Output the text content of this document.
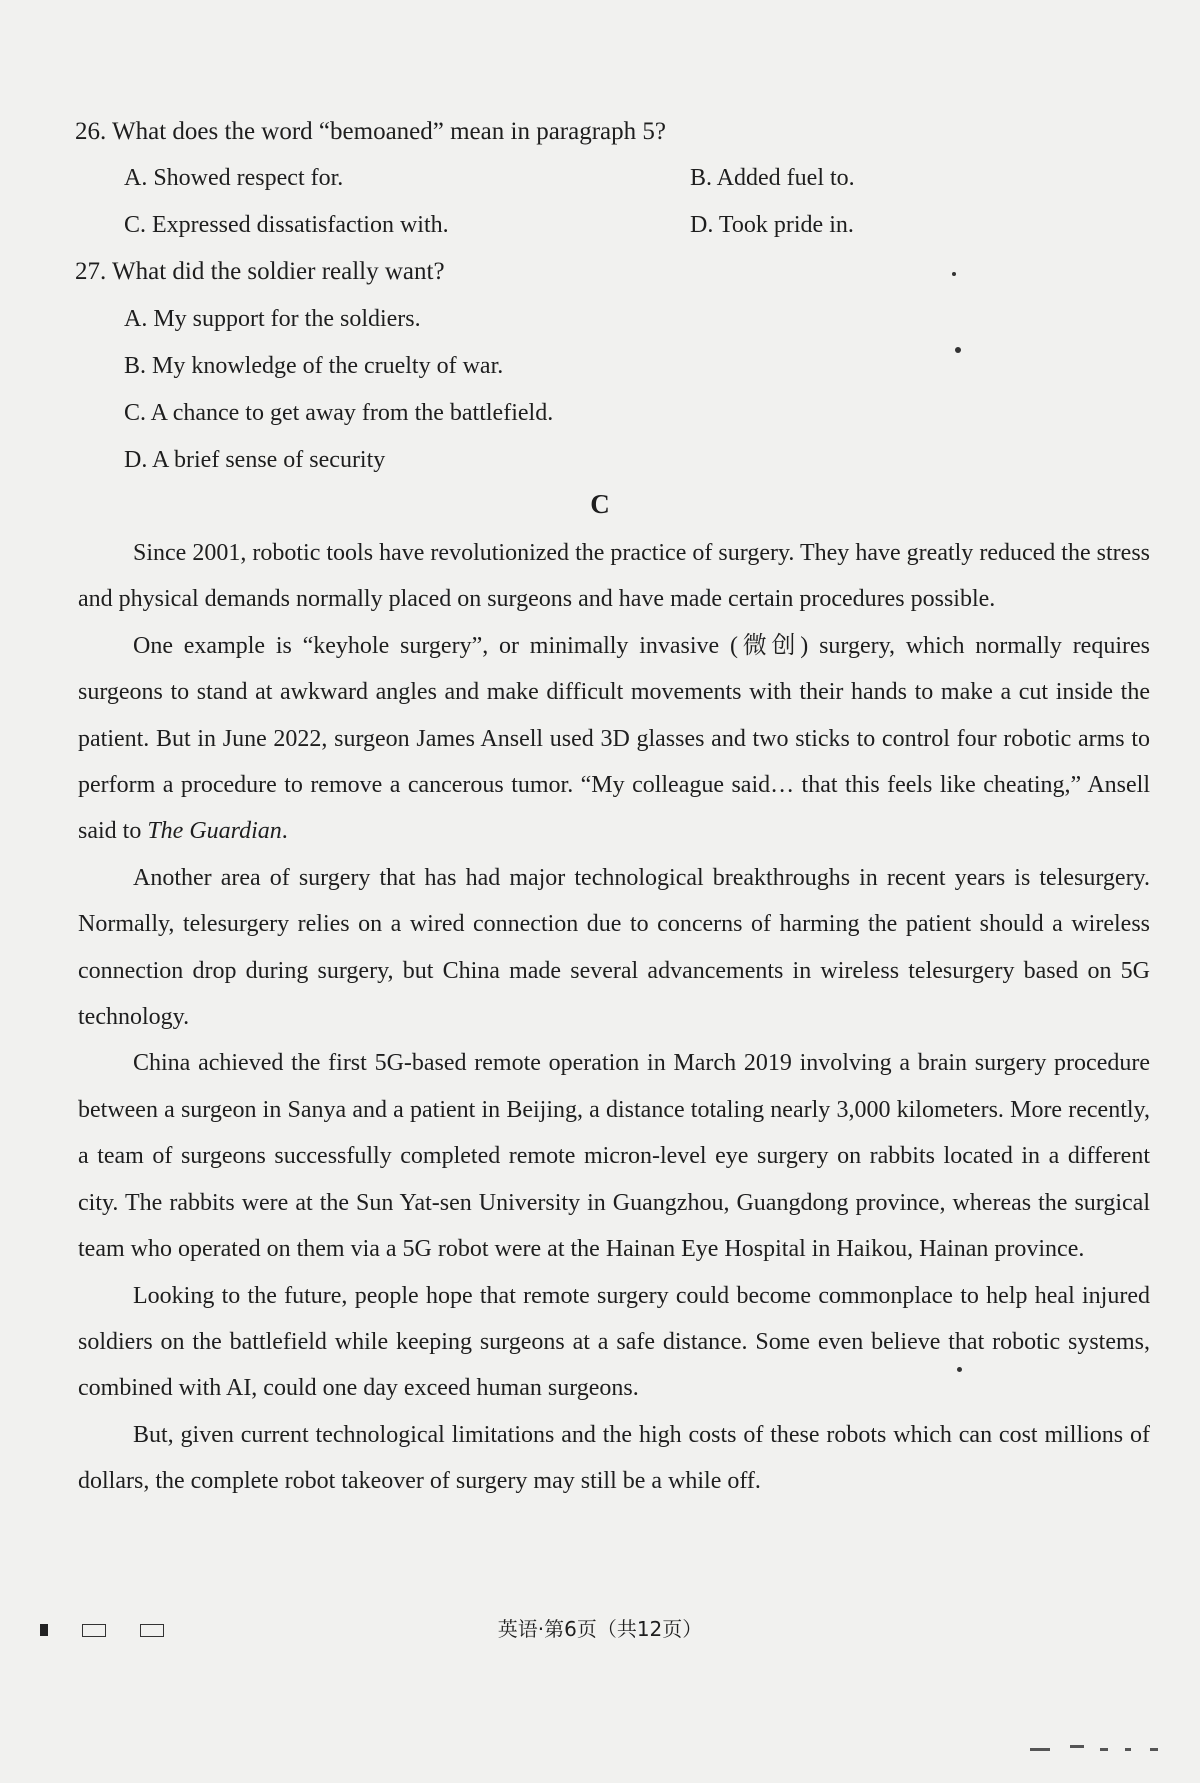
26. What does the word “bemoaned” mean in paragraph 5?
A. Showed respect for.	B. Added fuel to.
C. Expressed dissatisfaction with.	D. Took pride in.
27. What did the soldier really want?
A. My support for the soldiers.
B. My knowledge of the cruelty of war.
C. A chance to get away from the battlefield.
D. A brief sense of security
C

Since 2001, robotic tools have revolutionized the practice of surgery. They have greatly reduced the stress and physical demands normally placed on surgeons and have made certain procedures possible.

One example is “keyhole surgery”, or minimally invasive (微创) surgery, which normally requires surgeons to stand at awkward angles and make difficult movements with their hands to make a cut inside the patient. But in June 2022, surgeon James Ansell used 3D glasses and two sticks to control four robotic arms to perform a procedure to remove a cancerous tumor. “My colleague said… that this feels like cheating,” Ansell said to The Guardian.

Another area of surgery that has had major technological breakthroughs in recent years is telesurgery. Normally, telesurgery relies on a wired connection due to concerns of harming the patient should a wireless connection drop during surgery, but China made several advancements in wireless telesurgery based on 5G technology.

China achieved the first 5G-based remote operation in March 2019 involving a brain surgery procedure between a surgeon in Sanya and a patient in Beijing, a distance totaling nearly 3,000 kilometers. More recently, a team of surgeons successfully completed remote micron-level eye surgery on rabbits located in a different city. The rabbits were at the Sun Yat-sen University in Guangzhou, Guangdong province, whereas the surgical team who operated on them via a 5G robot were at the Hainan Eye Hospital in Haikou, Hainan province.

Looking to the future, people hope that remote surgery could become commonplace to help heal injured soldiers on the battlefield while keeping surgeons at a safe distance. Some even believe that robotic systems, combined with AI, could one day exceed human surgeons.

But, given current technological limitations and the high costs of these robots which can cost millions of dollars, the complete robot takeover of surgery may still be a while off.

英语·第6页（共12页）
